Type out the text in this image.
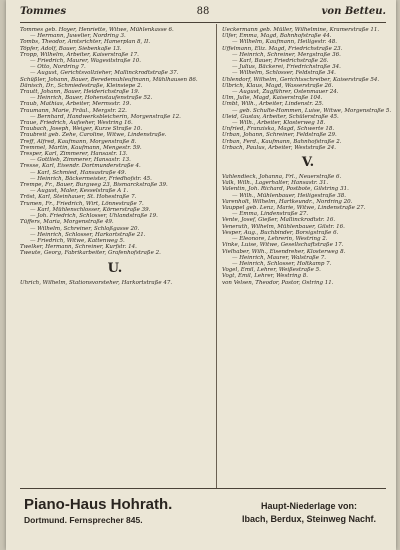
Tommes	88	von Betteu.
Tommes geb. Hoyer, Henriette, Witwe, Mühlenkasse 6.
— Hermann, Juwelier, Nordring 3.
Tombs, Theodor, Amtsrichter, Hamerplan 8, II.
Töpfer, Adolf, Bauer, Siebenkaße 13.
Tropp, Wilhelm, Arbeiter, Kaiserstraße 17.
— Friedrich, Maurer, Wagesitstraße 10.
— Otto, Nordring 7.
— August, Gerichtsvollzieher, Mallinckrodtstraße 37.
Schüßler, Johann, Bauer, Beredemuhleufmann, Mühlhausen 86.
Dänisch, Dr., Schmiedestraße, Kleinsiepe 2.
Trautt, Johann, Bauer, Heiderichstraße 19.
— Heinrich, Bauer, Hohenstaufenstraße 52.
Traub, Mathias, Arbeiter, Mermsstr. 19.
Traumann, Marie, Fräul., Mergstr. 22.
— Bernhard, Handwerksbleicherin, Morgenstraße 12.
Traue, Friedrich, Aufseher, Westring 16.
Traubach, Joseph, Weiger, Kurze Straße 10.
Traubreit geb. Zehe, Caroline, Witwe, Lindenstraße.
Treff, Alfred, Kaufmann, Morgenstraße 8.
Tremmel, Martin, Kaufmann, Mengestr. 59.
Tresper, Karl, Zimmerer, Hansastr. 13.
— Gottlieb, Zimmerer, Hansastr. 13.
Tresse, Karl, Eisendr. Dortmunderstraße 4.
— Karl, Schmied, Hansastraße 49.
— Heinrich, Bäckermeister, Friedhofstr. 45.
Trempe, Fr., Bauer, Burgweg 23, Bismarckstraße 39.
— August, Maler, Kesselstraße A 1.
Tröst, Karl, Steinhauer, St. Hohestraße 7.
Trumen, Fr., Friedrich, Wirt, Lönnestraße 7.
— Karl, Mühlenschlosser, Körnerstraße 39.
— Joh. Friedrich, Schlosser, Uhlandstraße 19.
Tüffers, Maria, Morgenstraße 49.
— Wilhelm, Schreiner, Schloßgasse 20.
— Heinrich, Schlosser, Harkortstraße 21.
— Friedrich, Witwe, Kattenweg 5.
Twelker, Hermann, Schreiner, Kurfstr. 14.
Tweute, Georg, Fabrikarbeiter, Grafenhofstraße 2.
U.
Uhrich, Wilhelm, Stationsvorsteher, Harkortstraße 47.
Ueckermann geb. Müller, Wilhelmine, Kramerstraße 11.
Ulfer, Emma, Magd, Bahnhofstraße 44.
— Wilhelm, Kaufmann, Heiligestr. 48.
Uffelmann, Eliz. Magd, Friedrichstraße 23.
— Heinrich, Schreiner, Mergstraße 36.
— Karl, Bauer, Friedrichstraße 26.
— Julius, Bäckerei, Friedrichstraße 34.
— Wilhelm, Schlosser, Feldstraße 34.
Uhlendorf, Wilhelm, Gerichtsschreiber, Kaiserstraße 54.
Ulbrich, Klaus, Magd, Wasserstraße 26.
— August, Zugführer, Ostenmauer 24.
Ulm, Julie, Magd, Kaiserstraße 104.
Umbt, Wilh., Arbeiter, Lindenstr. 25.
— geb. Schulte-Hommen, Luise, Witwe, Morgenstraße 5.
Uleid, Gustav, Arbeiter, Schülerstraße 45.
— Wilh., Arbeiter, Klosterweg 18.
Unfried, Franziska, Magd, Schwerte 18.
Urban, Johann, Schreiner, Feldstraße 29.
Urban, Ferd., Kaufmann, Bahnhofstraße 2.
Urbach, Paulus, Arbeiter, Weststraße 24.
V.
Vahlendieck, Johanna, Frl., Neuerstraße 6.
Valk, Wilh., Lagerhalter, Hansastr. 31.
Valentin, Joh. Richard, Postbote, Gilstring 31.
— Wilh., Mühlenbauer, Heiligestraße 38.
Varenholt, Wilhelm, Hartkeundr., Nordring 20.
Vauppel geb. Lenz, Marie, Witwe, Lindenstraße 27.
— Emma, Lindenstraße 27.
Vente, Josef, Gießer, Mallinckrodtstr. 16.
Veneruth, Wilhelm, Mühlenbauer, Gilstr. 16.
Vesper, Aug., Buchbinder, Borsigstraße 6.
— Eleonore, Lehrerin, Westring 2.
Vinke, Luise, Witwe, Gesellschaftstraße 17.
Vielhaber, Wilh., Eisendreher, Klosterweg 8.
— Heinrich, Maurer, Walstraße 7.
— Heinrich, Schlosser, Holtkamp 7.
Vogel, Emil, Lehrer, Weißestraße 5.
Vogt, Emil, Lehrer, Westring 8.
von Velsen, Theodor, Pastor, Ostring 11.
Piano-Haus Hohrath.
Dortmund. Fernsprecher 845.
Haupt-Niederlage von:
Ibach, Berdux, Steinweg Nachf.
